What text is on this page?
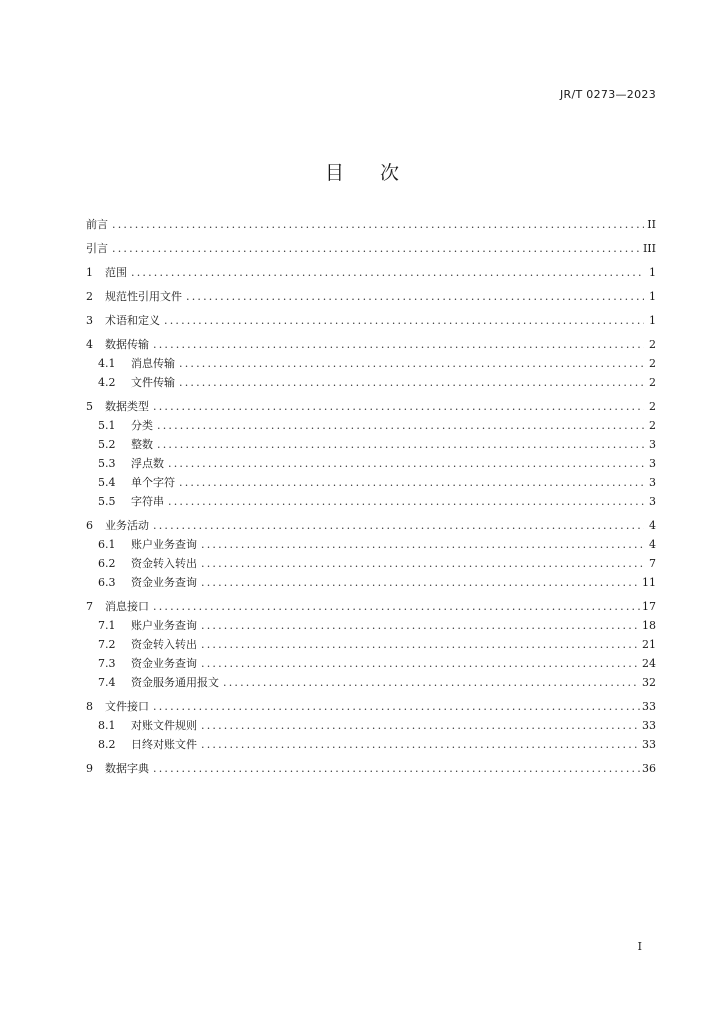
JR/T 0273—2023
目 次
前言 .....	II
引言 .....	III
1	范围 .....	1
2	规范性引用文件 .....	1
3	术语和定义 .....	1
4	数据传输 .....	2
4.1	消息传输 .....	2
4.2	文件传输 .....	2
5	数据类型 .....	2
5.1	分类 .....	2
5.2	整数 .....	3
5.3	浮点数 .....	3
5.4	单个字符 .....	3
5.5	字符串 .....	3
6	业务活动 .....	4
6.1	账户业务查询 .....	4
6.2	资金转入转出 .....	7
6.3	资金业务查询 .....	11
7	消息接口 .....	17
7.1	账户业务查询 .....	18
7.2	资金转入转出 .....	21
7.3	资金业务查询 .....	24
7.4	资金服务通用报文 .....	32
8	文件接口 .....	33
8.1	对账文件规则 .....	33
8.2	日终对账文件 .....	33
9	数据字典 .....	36
I
